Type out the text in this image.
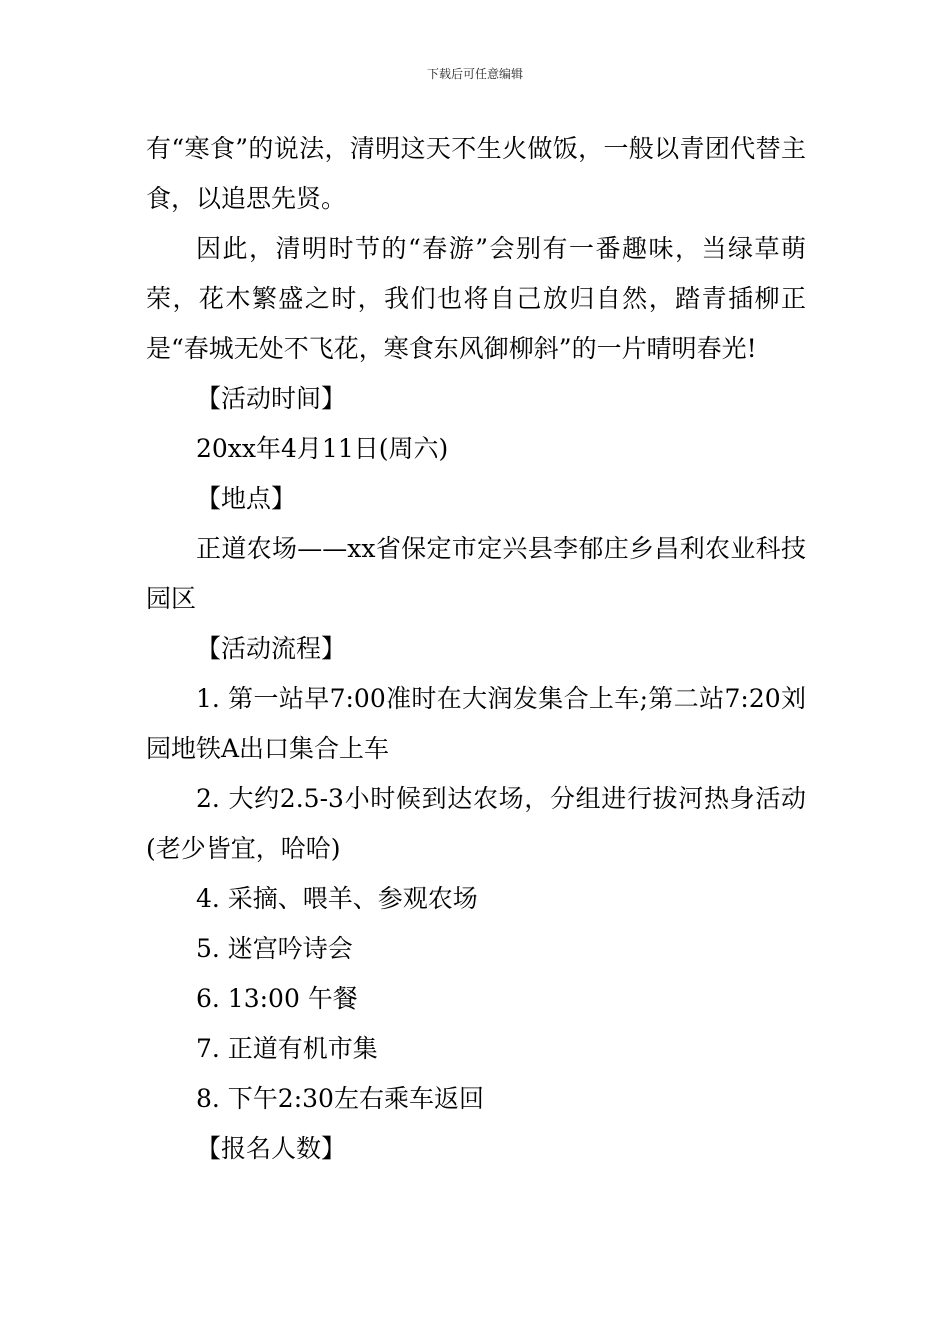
下载后可任意编辑

有“寒食”的说法，清明这天不生火做饭，一般以青团代替主食，以追思先贤。

因此，清明时节的“春游”会别有一番趣味，当绿草萌荣，花木繁盛之时，我们也将自己放归自然，踏青插柳正是“春城无处不飞花，寒食东风御柳斜”的一片晴明春光!

【活动时间】

20xx年4月11日(周六)

【地点】

正道农场——xx省保定市定兴县李郁庄乡昌利农业科技园区

【活动流程】

1. 第一站早7:00准时在大润发集合上车;第二站7:20刘园地铁A出口集合上车

2. 大约2.5-3小时候到达农场，分组进行拔河热身活动(老少皆宜，哈哈)

4. 采摘、喂羊、参观农场

5. 迷宫吟诗会

6. 13:00 午餐

7. 正道有机市集

8. 下午2:30左右乘车返回

【报名人数】
